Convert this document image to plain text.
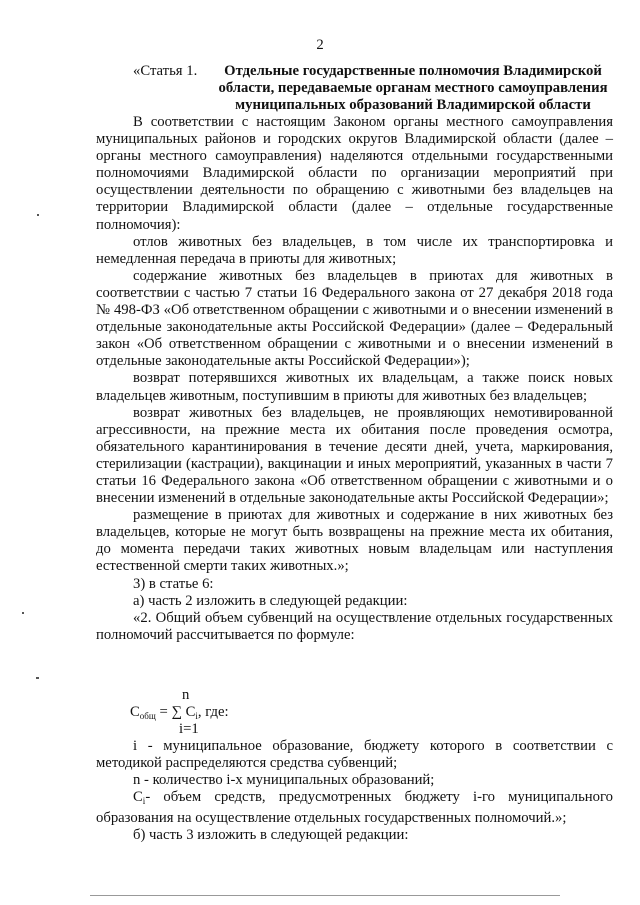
2
«Статья 1.	Отдельные государственные полномочия Владимирской области, передаваемые органам местного самоуправления муниципальных образований Владимирской области

В соответствии с настоящим Законом органы местного самоуправления муниципальных районов и городских округов Владимирской области (далее – органы местного самоуправления) наделяются отдельными государственными полномочиями Владимирской области по организации мероприятий при осуществлении деятельности по обращению с животными без владельцев на территории Владимирской области (далее – отдельные государственные полномочия):

отлов животных без владельцев, в том числе их транспортировка и немедленная передача в приюты для животных;

содержание животных без владельцев в приютах для животных в соответствии с частью 7 статьи 16 Федерального закона от 27 декабря 2018 года № 498-ФЗ «Об ответственном обращении с животными и о внесении изменений в отдельные законодательные акты Российской Федерации» (далее – Федеральный закон «Об ответственном обращении с животными и о внесении изменений в отдельные законодательные акты Российской Федерации»);

возврат потерявшихся животных их владельцам, а также поиск новых владельцев животным, поступившим в приюты для животных без владельцев;

возврат животных без владельцев, не проявляющих немотивированной агрессивности, на прежние места их обитания после проведения осмотра, обязательного карантинирования в течение десяти дней, учета, маркирования, стерилизации (кастрации), вакцинации и иных мероприятий, указанных в части 7 статьи 16 Федерального закона «Об ответственном обращении с животными и о внесении изменений в отдельные законодательные акты Российской Федерации»;

размещение в приютах для животных и содержание в них животных без владельцев, которые не могут быть возвращены на прежние места их обитания, до момента передачи таких животных новым владельцам или наступления естественной смерти таких животных.»;

3) в статье 6:

а) часть 2 изложить в следующей редакции:

«2. Общий объем субвенций на осуществление отдельных государственных полномочий рассчитывается по формуле:

n
$С_{общ}$ = ∑ $С_i$, где:
i=1

i - муниципальное образование, бюджету которого в соответствии с методикой распределяются средства субвенций;

n - количество i-х муниципальных образований;

$С_i-$ объем средств, предусмотренных бюджету i-го муниципального образования на осуществление отдельных государственных полномочий.»;

б) часть 3 изложить в следующей редакции:
